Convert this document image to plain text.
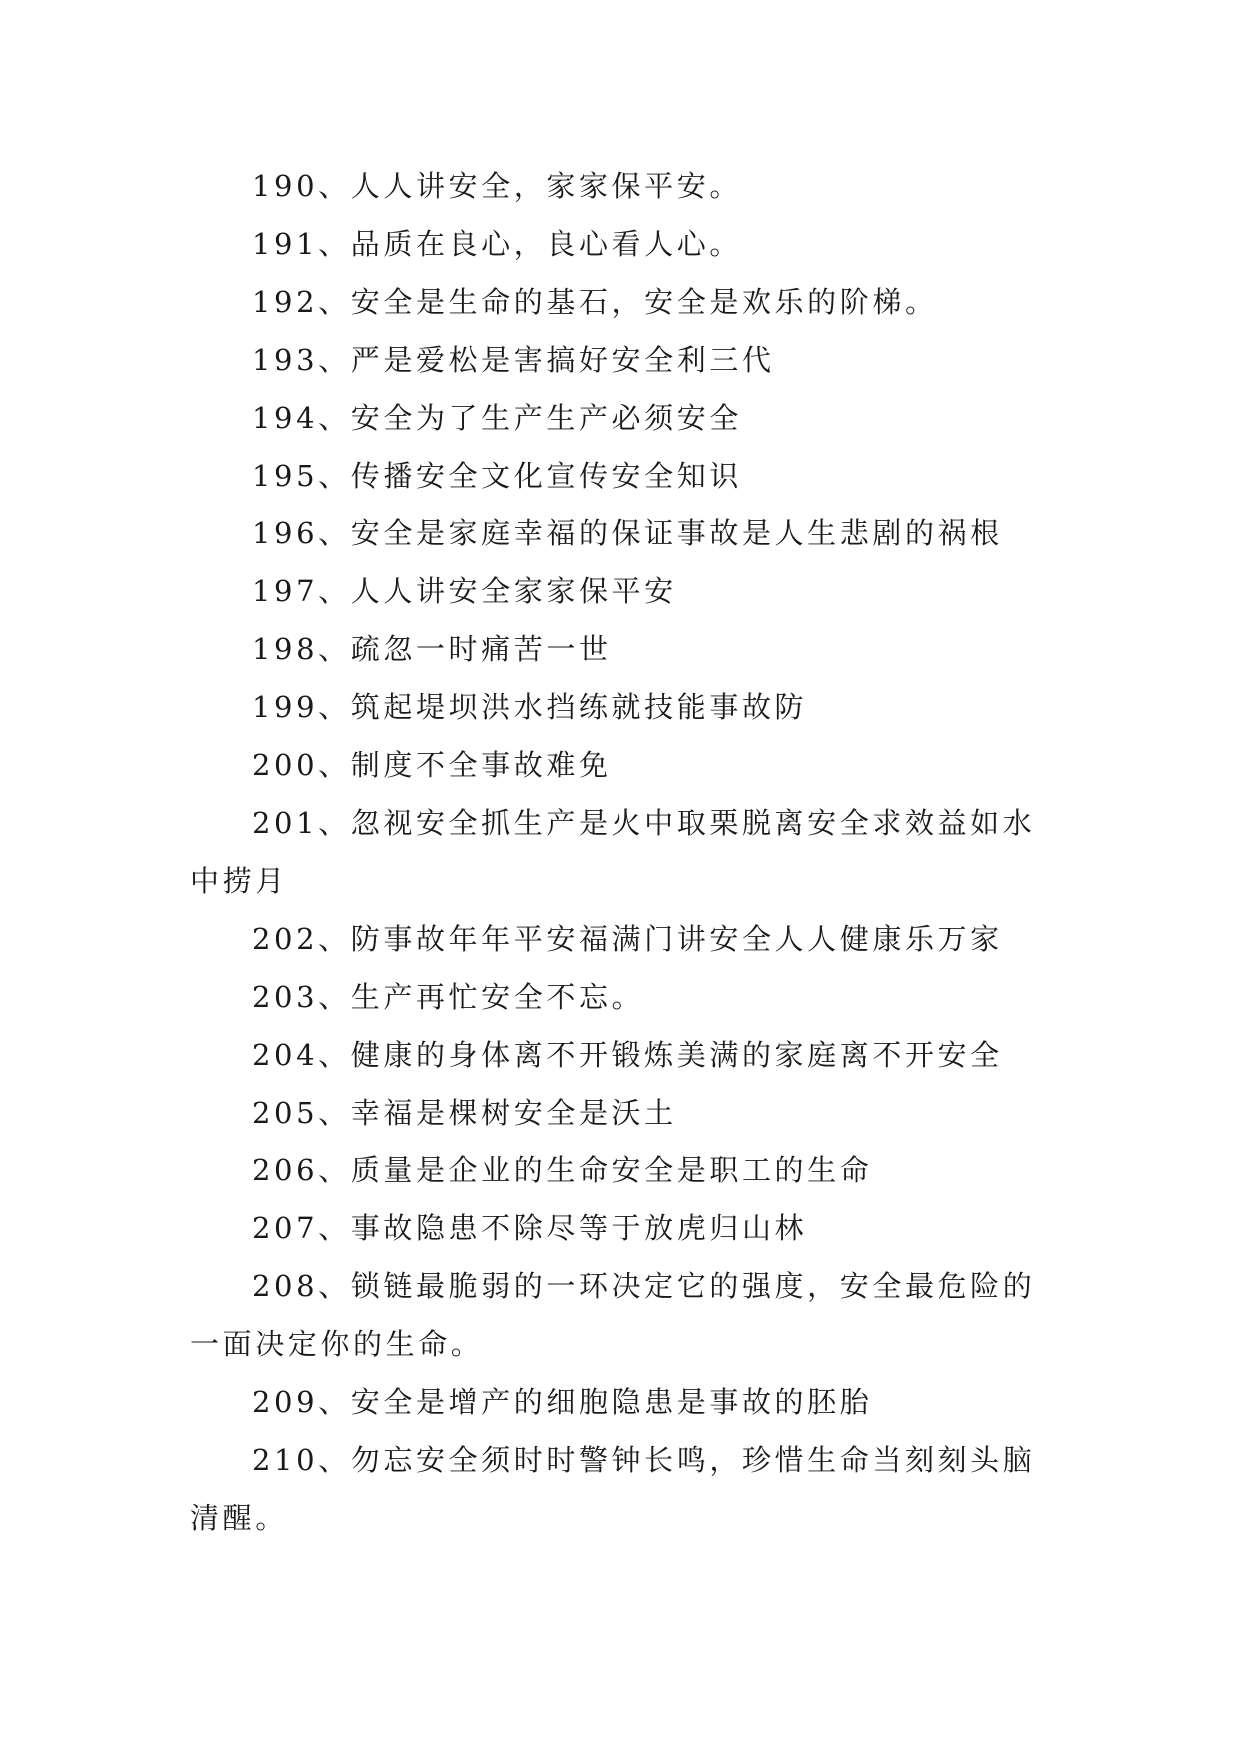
190、人人讲安全，家家保平安。

191、品质在良心，良心看人心。

192、安全是生命的基石，安全是欢乐的阶梯。

193、严是爱松是害搞好安全利三代

194、安全为了生产生产必须安全

195、传播安全文化宣传安全知识

196、安全是家庭幸福的保证事故是人生悲剧的祸根

197、人人讲安全家家保平安

198、疏忽一时痛苦一世

199、筑起堤坝洪水挡练就技能事故防

200、制度不全事故难免

201、忽视安全抓生产是火中取栗脱离安全求效益如水中捞月

202、防事故年年平安福满门讲安全人人健康乐万家

203、生产再忙安全不忘。

204、健康的身体离不开锻炼美满的家庭离不开安全

205、幸福是棵树安全是沃土

206、质量是企业的生命安全是职工的生命

207、事故隐患不除尽等于放虎归山林

208、锁链最脆弱的一环决定它的强度，安全最危险的一面决定你的生命。

209、安全是增产的细胞隐患是事故的胚胎

210、勿忘安全须时时警钟长鸣，珍惜生命当刻刻头脑清醒。
